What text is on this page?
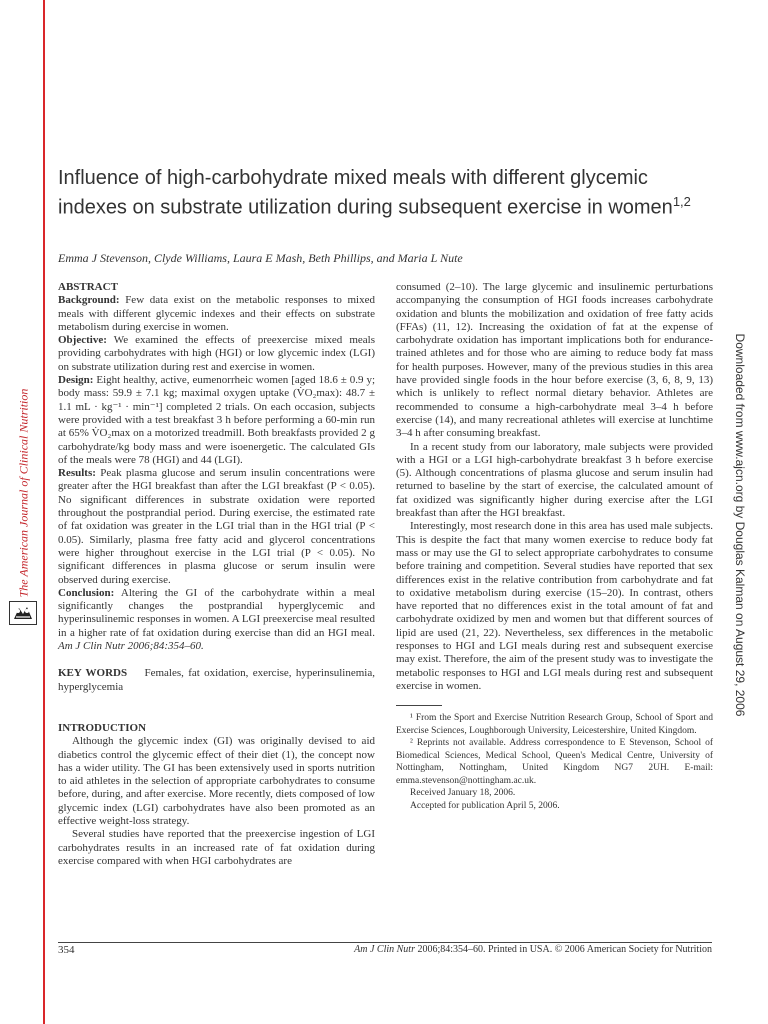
The American Journal of Clinical Nutrition	Downloaded from www.ajcn.org by Douglas Kalman on August 29, 2006
Influence of high-carbohydrate mixed meals with different glycemic indexes on substrate utilization during subsequent exercise in women$^{1,2}$
Emma J Stevenson, Clyde Williams, Laura E Mash, Beth Phillips, and Maria L Nute

ABSTRACT

Background: Few data exist on the metabolic responses to mixed meals with different glycemic indexes and their effects on substrate metabolism during exercise in women.

Objective: We examined the effects of preexercise mixed meals providing carbohydrates with high (HGI) or low glycemic index (LGI) on substrate utilization during rest and exercise in women.

Design: Eight healthy, active, eumenorrheic women [aged 18.6 ± 0.9 y; body mass: 59.9 ± 7.1 kg; maximal oxygen uptake (V̇O₂max): 48.7 ± 1.1 mL · kg⁻¹ · min⁻¹] completed 2 trials. On each occasion, subjects were provided with a test breakfast 3 h before performing a 60-min run at 65% V̇O₂max on a motorized treadmill. Both breakfasts provided 2 g carbohydrate/kg body mass and were isoenergetic. The calculated GIs of the meals were 78 (HGI) and 44 (LGI).

Results: Peak plasma glucose and serum insulin concentrations were greater after the HGI breakfast than after the LGI breakfast (P < 0.05). No significant differences in substrate oxidation were reported throughout the postprandial period. During exercise, the estimated rate of fat oxidation was greater in the LGI trial than in the HGI trial (P < 0.05). Similarly, plasma free fatty acid and glycerol concentrations were higher throughout exercise in the LGI trial (P < 0.05). No significant differences in plasma glucose or serum insulin were observed during exercise.

Conclusion: Altering the GI of the carbohydrate within a meal significantly changes the postprandial hyperglycemic and hyperinsulinemic responses in women. A LGI preexercise meal resulted in a higher rate of fat oxidation during exercise than did an HGI meal. Am J Clin Nutr 2006;84:354–60.

KEY WORDS Females, fat oxidation, exercise, hyperinsulinemia, hyperglycemia

INTRODUCTION

Although the glycemic index (GI) was originally devised to aid diabetics control the glycemic effect of their diet (1), the concept now has a wider utility. The GI has been extensively used in sports nutrition to aid athletes in the selection of appropriate carbohydrates to consume before, during, and after exercise. More recently, diets composed of low glycemic index (LGI) carbohydrates have also been promoted as an effective weight-loss strategy.

Several studies have reported that the preexercise ingestion of LGI carbohydrates results in an increased rate of fat oxidation during exercise compared with when HGI carbohydrates are

consumed (2–10). The large glycemic and insulinemic perturbations accompanying the consumption of HGI foods increases carbohydrate oxidation and blunts the mobilization and oxidation of free fatty acids (FFAs) (11, 12). Increasing the oxidation of fat at the expense of carbohydrate oxidation has important implications both for endurance-trained athletes and for those who are aiming to reduce body fat mass for health purposes. However, many of the previous studies in this area have provided single foods in the hour before exercise (3, 6, 8, 9, 13) which is unlikely to reflect normal dietary behavior. Athletes are recommended to consume a high-carbohydrate meal 3–4 h before exercise (14), and many recreational athletes will exercise at lunchtime 3–4 h after consuming breakfast.

In a recent study from our laboratory, male subjects were provided with a HGI or a LGI high-carbohydrate breakfast 3 h before exercise (5). Although concentrations of plasma glucose and serum insulin had returned to baseline by the start of exercise, the calculated amount of fat oxidized was significantly higher during exercise after the LGI breakfast than after the HGI breakfast.

Interestingly, most research done in this area has used male subjects. This is despite the fact that many women exercise to reduce body fat mass or may use the GI to select appropriate carbohydrates to consume before training and competition. Several studies have reported that sex differences exist in the relative contribution from carbohydrate and fat to oxidative metabolism during exercise (15–20). In contrast, others have reported that no differences exist in the total amount of fat and carbohydrate oxidized by men and women but that different sources of lipid are used (21, 22). Nevertheless, sex differences in the metabolic responses to HGI and LGI meals during rest and subsequent exercise may exist. Therefore, the aim of the present study was to investigate the metabolic responses to HGI and LGI meals during rest and subsequent exercise in women.

¹ From the Sport and Exercise Nutrition Research Group, School of Sport and Exercise Sciences, Loughborough University, Leicestershire, United Kingdom.

² Reprints not available. Address correspondence to E Stevenson, School of Biomedical Sciences, Medical School, Queen's Medical Centre, University of Nottingham, Nottingham, United Kingdom NG7 2UH. E-mail: emma.stevenson@nottingham.ac.uk.

Received January 18, 2006.

Accepted for publication April 5, 2006.

354	Am J Clin Nutr 2006;84:354–60. Printed in USA. © 2006 American Society for Nutrition
